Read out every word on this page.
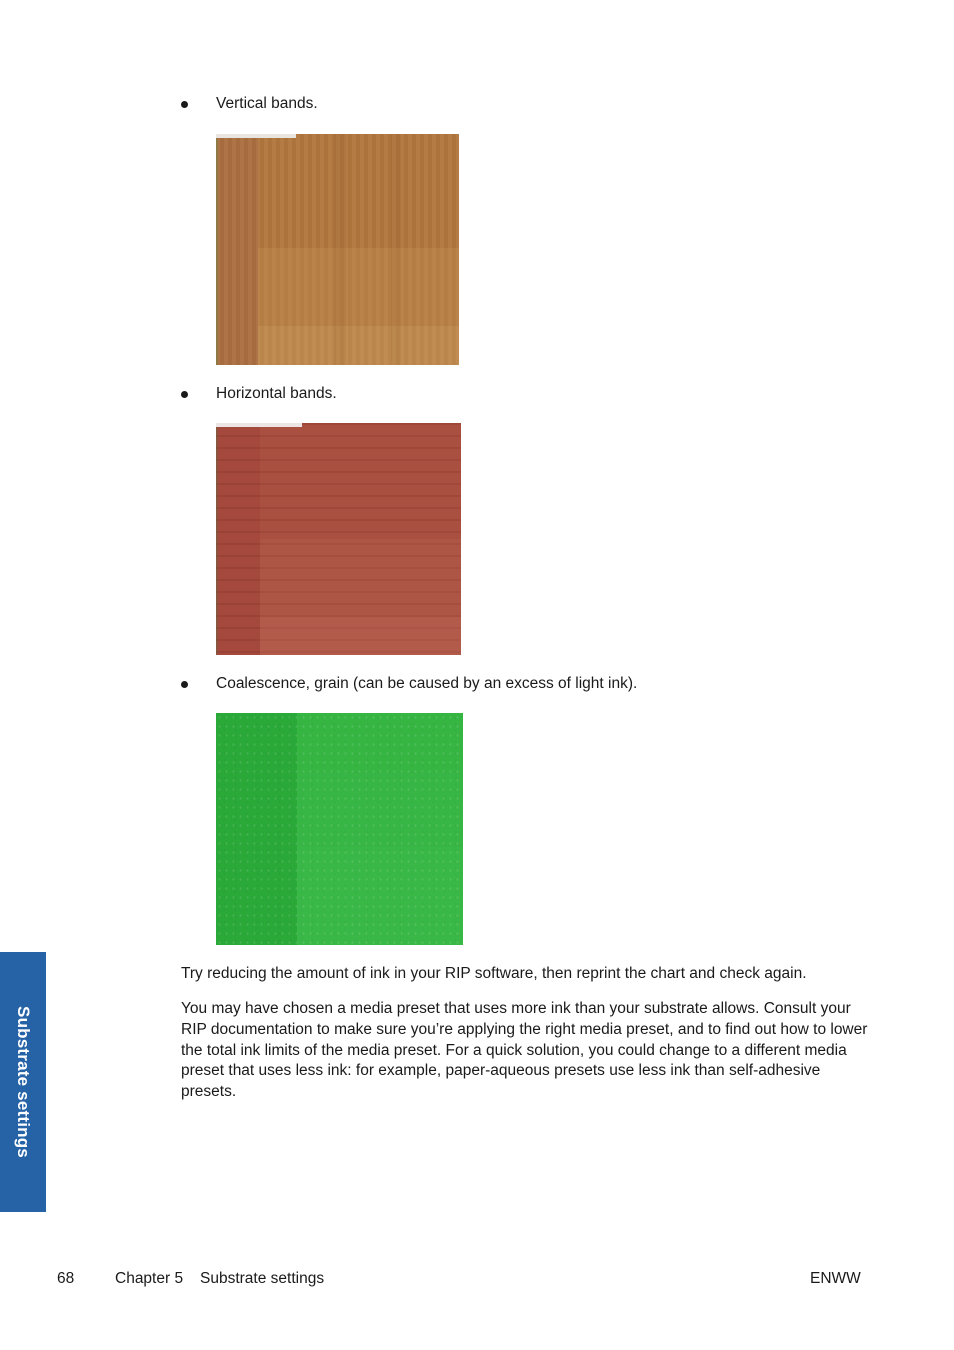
Vertical bands.
Horizontal bands.
Coalescence, grain (can be caused by an excess of light ink).

Try reducing the amount of ink in your RIP software, then reprint the chart and check again.

You may have chosen a media preset that uses more ink than your substrate allows. Consult your RIP documentation to make sure you’re applying the right media preset, and to find out how to lower the total ink limits of the media preset. For a quick solution, you could change to a different media preset that uses less ink: for example, paper-aqueous presets use less ink than self-adhesive presets.

Substrate settings
68	Chapter 5 Substrate settings	ENWW
